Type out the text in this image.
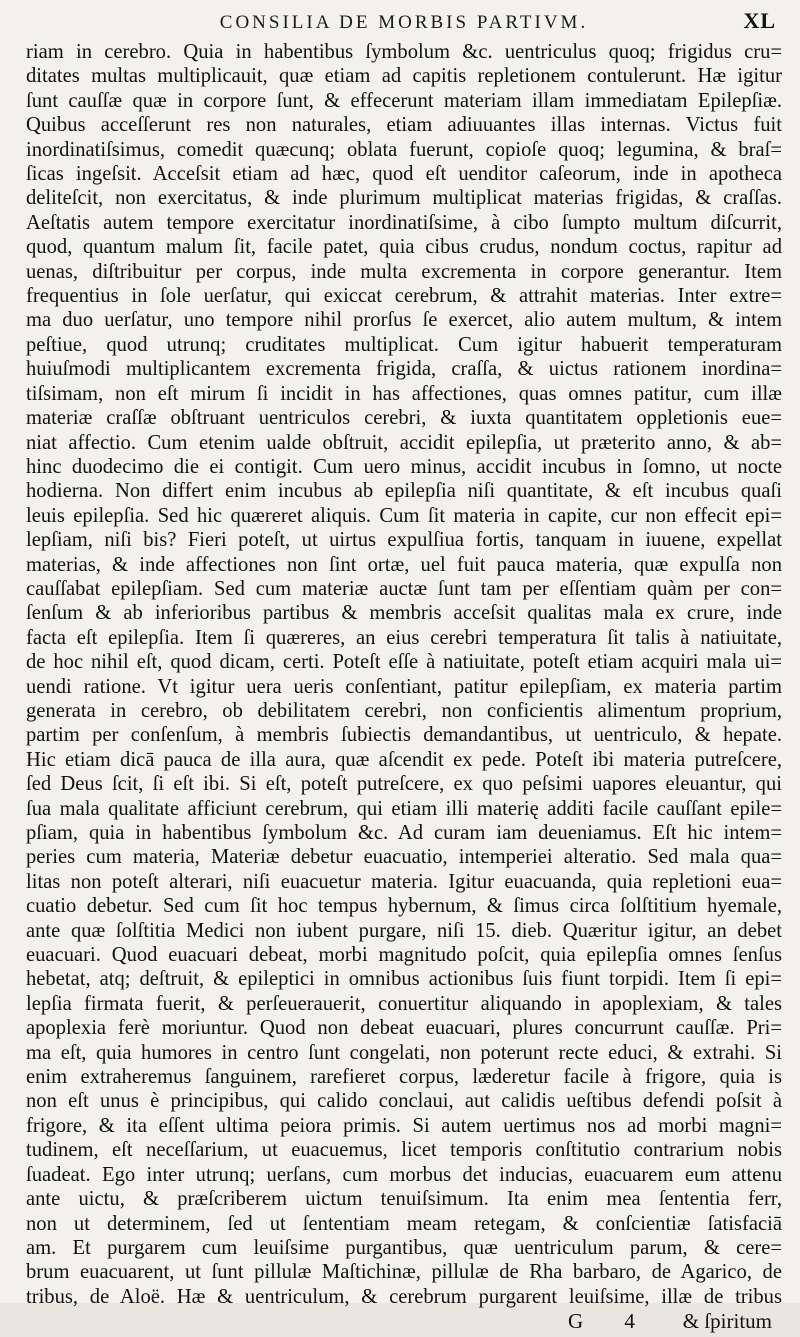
CONSILIA DE MORBIS PARTIVM.	XL
riam in cerebro. Quia in habentibus ſymbolum &c. uentriculus quoq; frigidus cru=
ditates multas multiplicauit, quæ etiam ad capitis repletionem contulerunt. Hæ igitur
ſunt cauſſæ quæ in corpore ſunt, & effecerunt materiam illam immediatam Epilepſiæ.
Quibus acceſſerunt res non naturales, etiam adiuuantes illas internas. Victus fuit
inordinatiſsimus, comedit quæcunq; oblata fuerunt, copioſe quoq; legumina, & braſ=
ſicas ingeſsit. Acceſsit etiam ad hæc, quod eſt uenditor caſeorum, inde in apotheca
deliteſcit, non exercitatus, & inde plurimum multiplicat materias frigidas, & craſſas.
Aeſtatis autem tempore exercitatur inordinatiſsime, à cibo ſumpto multum diſcurrit,
quod, quantum malum ſit, facile patet, quia cibus crudus, nondum coctus, rapitur ad
uenas, diſtribuitur per corpus, inde multa excrementa in corpore generantur. Item
frequentius in ſole uerſatur, qui exiccat cerebrum, & attrahit materias. Inter extre=
ma duo uerſatur, uno tempore nihil prorſus ſe exercet, alio autem multum, & intem
peſtiue, quod utrunq; cruditates multiplicat. Cum igitur habuerit temperaturam
huiuſmodi multiplicantem excrementa frigida, craſſa, & uictus rationem inordina=
tiſsimam, non eſt mirum ſi incidit in has affectiones, quas omnes patitur, cum illæ
materiæ craſſæ obſtruant uentriculos cerebri, & iuxta quantitatem oppletionis eue=
niat affectio. Cum etenim ualde obſtruit, accidit epilepſia, ut præterito anno, & ab=
hinc duodecimo die ei contigit. Cum uero minus, accidit incubus in ſomno, ut nocte
hodierna. Non differt enim incubus ab epilepſia niſi quantitate, & eſt incubus quaſi
leuis epilepſia. Sed hic quæreret aliquis. Cum ſit materia in capite, cur non effecit epi=
lepſiam, niſi bis? Fieri poteſt, ut uirtus expulſiua fortis, tanquam in iuuene, expellat
materias, & inde affectiones non ſint ortæ, uel fuit pauca materia, quæ expulſa non
cauſſabat epilepſiam. Sed cum materiæ auctæ ſunt tam per eſſentiam quàm per con=
ſenſum & ab inferioribus partibus & membris acceſsit qualitas mala ex crure, inde
facta eſt epilepſia. Item ſi quæreres, an eius cerebri temperatura ſit talis à natiuitate,
de hoc nihil eſt, quod dicam, certi. Poteſt eſſe à natiuitate, poteſt etiam acquiri mala ui=
uendi ratione. Vt igitur uera ueris conſentiant, patitur epilepſiam, ex materia partim
generata in cerebro, ob debilitatem cerebri, non conficientis alimentum proprium,
partim per conſenſum, à membris ſubiectis demandantibus, ut uentriculo, & hepate.
Hic etiam dicā pauca de illa aura, quæ aſcendit ex pede. Poteſt ibi materia putreſcere,
ſed Deus ſcit, ſi eſt ibi. Si eſt, poteſt putreſcere, ex quo peſsimi uapores eleuantur, qui
ſua mala qualitate afficiunt cerebrum, qui etiam illi materię additi facile cauſſant epile=
pſiam, quia in habentibus ſymbolum &c. Ad curam iam deueniamus. Eſt hic intem=
peries cum materia, Materiæ debetur euacuatio, intemperiei alteratio. Sed mala qua=
litas non poteſt alterari, niſi euacuetur materia. Igitur euacuanda, quia repletioni eua=
cuatio debetur. Sed cum ſit hoc tempus hybernum, & ſimus circa ſolſtitium hyemale,
ante quæ ſolſtitia Medici non iubent purgare, niſi 15. dieb. Quæritur igitur, an debet
euacuari. Quod euacuari debeat, morbi magnitudo poſcit, quia epilepſia omnes ſenſus
hebetat, atq; deſtruit, & epileptici in omnibus actionibus ſuis fiunt torpidi. Item ſi epi=
lepſia firmata fuerit, & perſeuerauerit, conuertitur aliquando in apoplexiam, & tales
apoplexia ferè moriuntur. Quod non debeat euacuari, plures concurrunt cauſſæ. Pri=
ma eſt, quia humores in centro ſunt congelati, non poterunt recte educi, & extrahi. Si
enim extraheremus ſanguinem, rarefieret corpus, læderetur facile à frigore, quia is
non eſt unus è principibus, qui calido conclaui, aut calidis ueſtibus defendi poſsit à
frigore, & ita eſſent ultima peiora primis. Si autem uertimus nos ad morbi magni=
tudinem, eſt neceſſarium, ut euacuemus, licet temporis conſtitutio contrarium nobis
ſuadeat. Ego inter utrunq; uerſans, cum morbus det inducias, euacuarem eum attenu
ante uictu, & præſcriberem uictum tenuiſsimum. Ita enim mea ſententia ferr,
non ut determinem, ſed ut ſententiam meam retegam, & conſcientiæ ſatisfaciā
am. Et purgarem cum leuiſsime purgantibus, quæ uentriculum parum, & cere=
brum euacuarent, ut ſunt pillulæ Maſtichinæ, pillulæ de Rha barbaro, de Agarico, de
tribus, de Aloë. Hæ & uentriculum, & cerebrum purgarent leuiſsime, illæ de tribus
G 4 & ſpiritum
